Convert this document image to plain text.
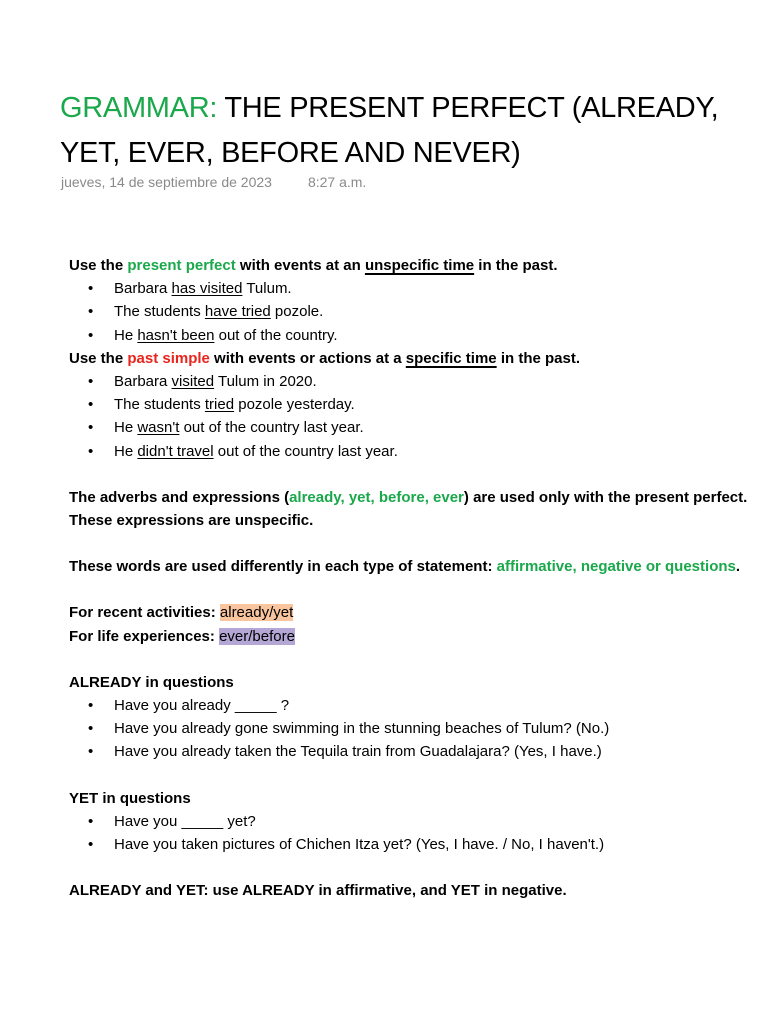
GRAMMAR: THE PRESENT PERFECT (ALREADY, YET, EVER, BEFORE AND NEVER)
jueves, 14 de septiembre de 2023	8:27 a.m.
Use the present perfect with events at an unspecific time in the past.
• Barbara has visited Tulum.
• The students have tried pozole.
• He hasn't been out of the country.
Use the past simple with events or actions at a specific time in the past.
• Barbara visited Tulum in 2020.
• The students tried pozole yesterday.
• He wasn't out of the country last year.
• He didn't travel out of the country last year.
The adverbs and expressions (already, yet, before, ever) are used only with the present perfect.
These expressions are unspecific.
These words are used differently in each type of statement: affirmative, negative or questions.
For recent activities: already/yet
For life experiences: ever/before
ALREADY in questions
• Have you already _____ ?
• Have you already gone swimming in the stunning beaches of Tulum? (No.)
• Have you already taken the Tequila train from Guadalajara? (Yes, I have.)
YET in questions
• Have you _____ yet?
• Have you taken pictures of Chichen Itza yet? (Yes, I have. / No, I haven't.)
ALREADY and YET: use ALREADY in affirmative, and YET in negative.
